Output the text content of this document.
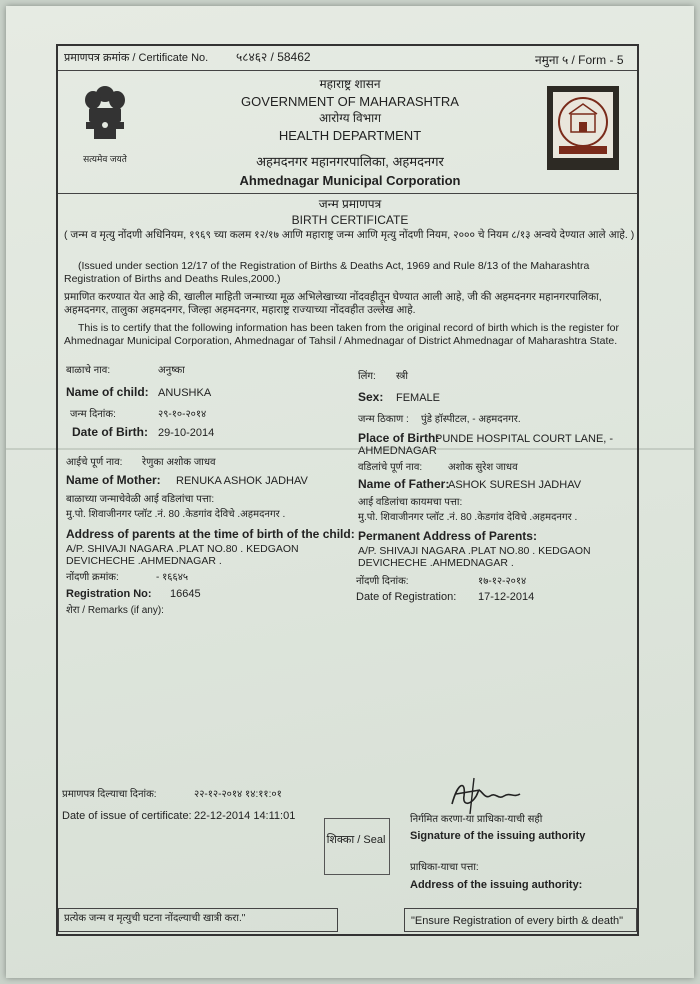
प्रमाणपत्र क्रमांक / Certificate No. ५८४६२ / 58462	नमुना ५ / Form - 5
सत्यमेव जयते
महाराष्ट्र शासन
GOVERNMENT OF MAHARASHTRA
आरोग्य विभाग
HEALTH DEPARTMENT
अहमदनगर महानगरपालिका, अहमदनगर
Ahmednagar Municipal Corporation
जन्म प्रमाणपत्र
BIRTH CERTIFICATE
( जन्म व मृत्यु नोंदणी अधिनियम, १९६९ च्या कलम १२/१७ आणि महाराष्ट्र जन्म आणि मृत्यु नोंदणी नियम, २००० चे नियम ८/१३ अन्वये देण्यात आले आहे. )
(Issued under section 12/17 of the Registration of Births & Deaths Act, 1969 and Rule 8/13 of the Maharashtra Registration of Births and Deaths Rules,2000.)
प्रमाणित करण्यात येत आहे की, खालील माहिती जन्माच्या मूळ अभिलेखाच्या नोंदवहीतून घेण्यात आली आहे, जी की अहमदनगर महानगरपालिका, अहमदनगर, तालुका अहमदनगर, जिल्हा अहमदनगर, महाराष्ट्र राज्याच्या नोंदवहीत उल्लेख आहे.
This is to certify that the following information has been taken from the original record of birth which is the register for Ahmednagar Municipal Corporation, Ahmednagar of Tahsil / Ahmednagar of District Ahmednagar of Maharashtra State.
बाळाचे नाव:	अनुष्का
Name of child: ANUSHKA
लिंग: स्त्री
Sex: FEMALE
जन्म दिनांक:	२९-१०-२०१४
Date of Birth: 29-10-2014
जन्म ठिकाण : पुंडे हॉस्पीटल, - अहमदनगर.
Place of Birth:
PUNDE HOSPITAL COURT LANE, - AHMEDNAGAR
आईचे पूर्ण नाव: रेणुका अशोक जाधव
Name of Mother: RENUKA ASHOK JADHAV
वडिलांचे पूर्ण नाव:	अशोक सुरेश जाधव
Name of Father:
ASHOK SURESH JADHAV
बाळाच्या जन्माचेवेळी आई वडिलांचा पत्ता:
मु.पो. शिवाजीनगर प्लॉट .नं. 80 .केडगांव देविचे .अहमदनगर .
Address of parents at the time of birth of the child:
A/P. SHIVAJI NAGARA .PLAT NO.80 . KEDGAON DEVICHECHE .AHMEDNAGAR .
आई वडिलांचा कायमचा पत्ता:
मु.पो. शिवाजीनगर प्लॉट .नं. 80 .केडगांव देविचे .अहमदनगर .
Permanent Address of Parents:
A/P. SHIVAJI NAGARA .PLAT NO.80 . KEDGAON DEVICHECHE .AHMEDNAGAR .
नोंदणी क्रमांक:	- १६६४५
Registration No: 16645
नोंदणी दिनांक:	१७-१२-२०१४
Date of Registration: 17-12-2014
शेरा / Remarks (if any):
प्रमाणपत्र दिल्याचा दिनांक:	२२-१२-२०१४ १४:११:०१
Date of issue of certificate: 22-12-2014 14:11:01
शिक्का / Seal
निर्गमित करणा-या प्राधिका-याची सही
Signature of the issuing authority
प्राधिका-याचा पत्ता:
Address of the issuing authority:
प्रत्येक जन्म व मृत्युची घटना नोंदल्याची खात्री करा."	"Ensure Registration of every birth & death"
